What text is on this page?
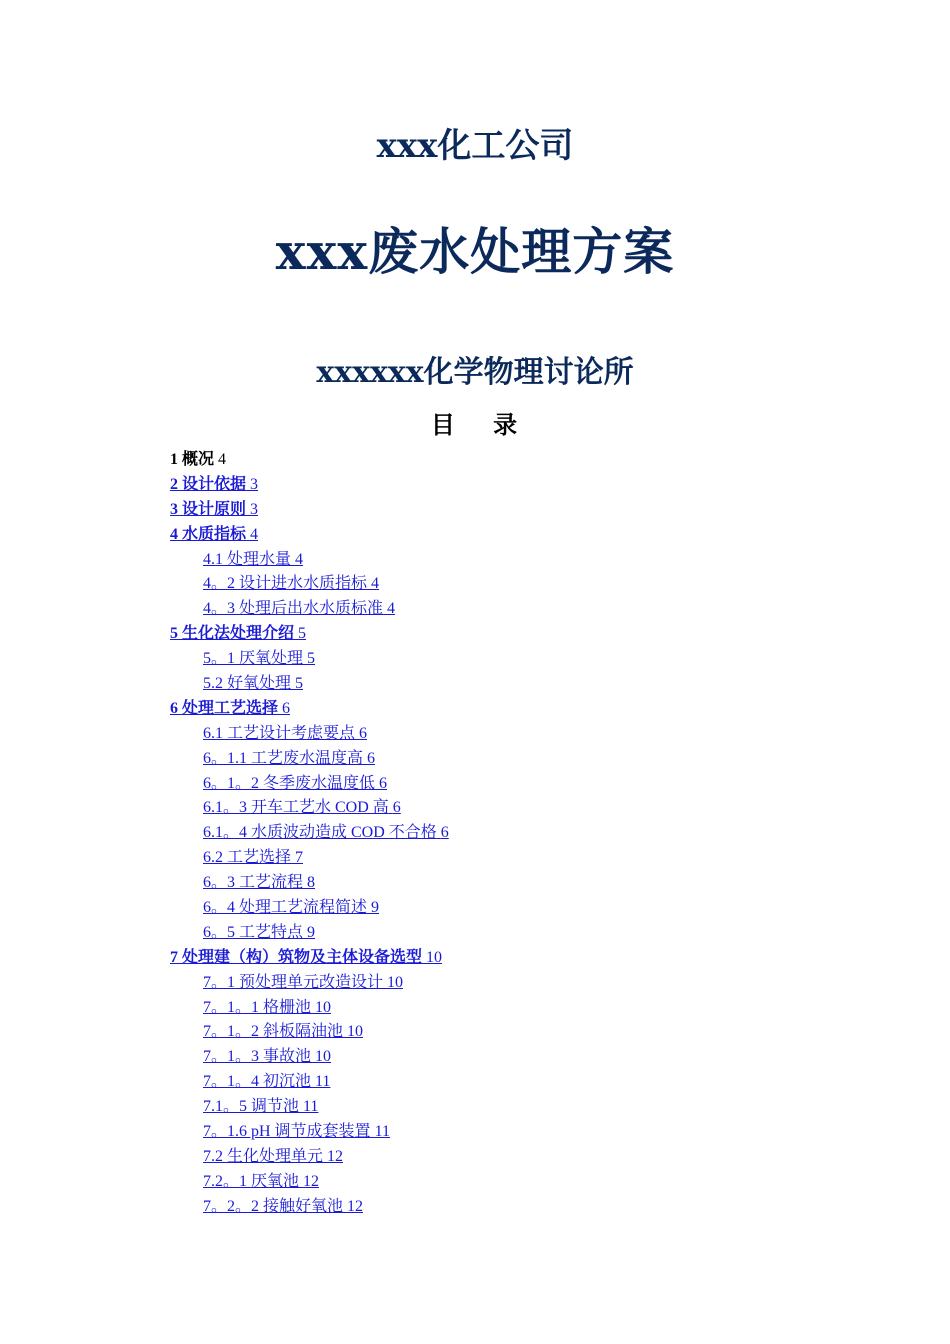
xxx化工公司
xxx废水处理方案
xxxxxx化学物理讨论所
目 录
1 概况 4
2 设计依据 3
3 设计原则 3
4 水质指标 4
4.1 处理水量 4
4。2 设计进水水质指标 4
4。3 处理后出水水质标准 4
5 生化法处理介绍 5
5。1 厌氧处理 5
5.2 好氧处理 5
6 处理工艺选择 6
6.1 工艺设计考虑要点 6
6。1.1 工艺废水温度高 6
6。1。2 冬季废水温度低 6
6.1。3 开车工艺水 COD 高 6
6.1。4 水质波动造成 COD 不合格 6
6.2 工艺选择 7
6。3 工艺流程 8
6。4 处理工艺流程简述 9
6。5 工艺特点 9
7 处理建（构）筑物及主体设备选型 10
7。1 预处理单元改造设计 10
7。1。1 格栅池 10
7。1。2 斜板隔油池 10
7。1。3 事故池 10
7。1。4 初沉池 11
7.1。5 调节池 11
7。1.6 pH 调节成套装置 11
7.2 生化处理单元 12
7.2。1 厌氧池 12
7。2。2 接触好氧池 12
